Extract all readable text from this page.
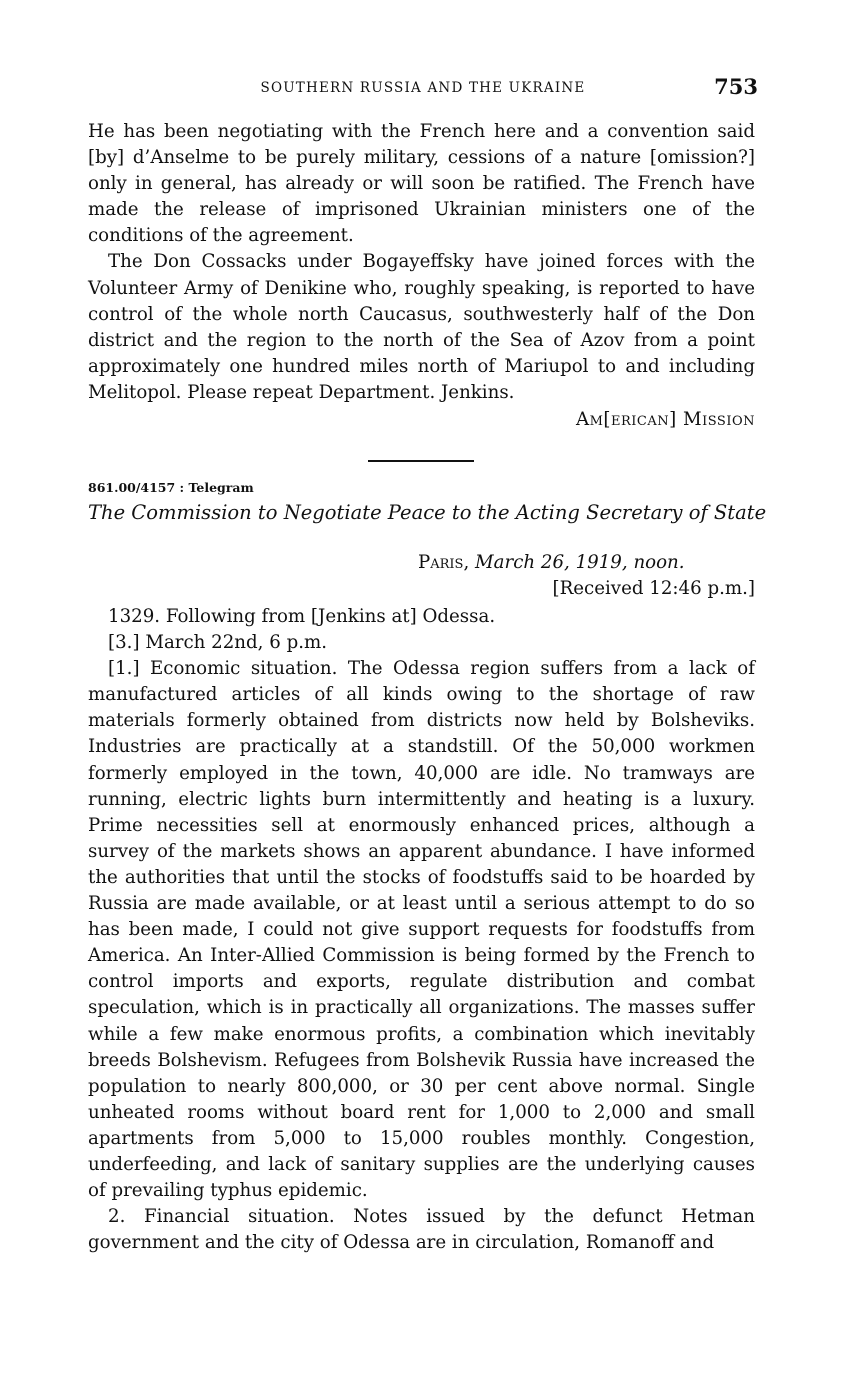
SOUTHERN RUSSIA AND THE UKRAINE	753

He has been negotiating with the French here and a convention said [by] d’Anselme to be purely military, cessions of a nature [omission?] only in general, has already or will soon be ratified. The French have made the release of imprisoned Ukrainian ministers one of the conditions of the agreement.

The Don Cossacks under Bogayeffsky have joined forces with the Volunteer Army of Denikine who, roughly speaking, is reported to have control of the whole north Caucasus, southwesterly half of the Don district and the region to the north of the Sea of Azov from a point approximately one hundred miles north of Mariupol to and including Melitopol. Please repeat Department. Jenkins.

Am[erican] Mission
861.00/4157 : Telegram
The Commission to Negotiate Peace to the Acting Secretary of State
Paris, March 26, 1919, noon.
[Received 12:46 p.m.]

1329. Following from [Jenkins at] Odessa.

[3.] March 22nd, 6 p.m.

[1.] Economic situation. The Odessa region suffers from a lack of manufactured articles of all kinds owing to the shortage of raw materials formerly obtained from districts now held by Bolsheviks. Industries are practically at a standstill. Of the 50,000 workmen formerly employed in the town, 40,000 are idle. No tramways are running, electric lights burn intermittently and heating is a luxury. Prime necessities sell at enormously enhanced prices, although a survey of the markets shows an apparent abundance. I have informed the authorities that until the stocks of foodstuffs said to be hoarded by Russia are made available, or at least until a serious attempt to do so has been made, I could not give support requests for foodstuffs from America. An Inter-Allied Commission is being formed by the French to control imports and exports, regulate distribution and combat speculation, which is in practically all organizations. The masses suffer while a few make enormous profits, a combination which inevitably breeds Bolshevism. Refugees from Bolshevik Russia have increased the population to nearly 800,000, or 30 per cent above normal. Single unheated rooms without board rent for 1,000 to 2,000 and small apartments from 5,000 to 15,000 roubles monthly. Congestion, underfeeding, and lack of sanitary supplies are the underlying causes of prevailing typhus epidemic.

2. Financial situation. Notes issued by the defunct Hetman government and the city of Odessa are in circulation, Romanoff and
